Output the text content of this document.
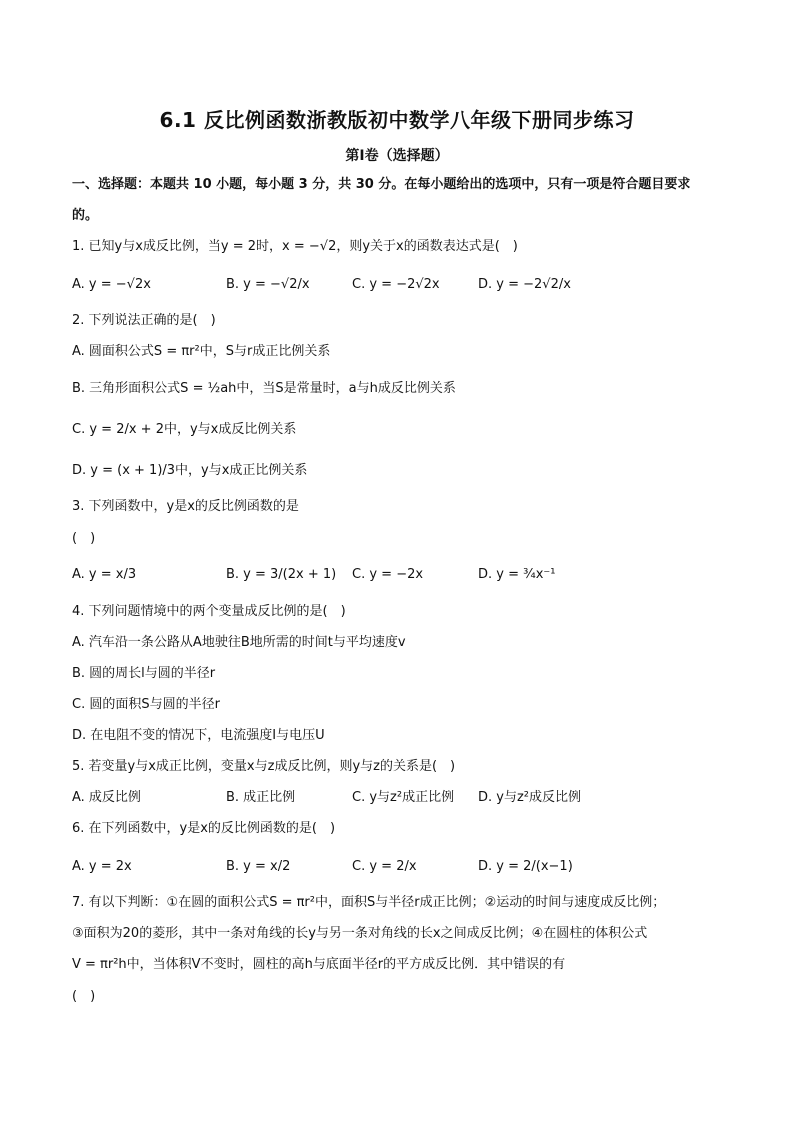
6.1 反比例函数浙教版初中数学八年级下册同步练习
第Ⅰ卷（选择题）
一、选择题：本题共 10 小题，每小题 3 分，共 30 分。在每小题给出的选项中，只有一项是符合题目要求
的。
1. 已知y与x成反比例，当y = 2时，x = −√2，则y关于x的函数表达式是(　)
A. y = −√2x	B. y = −√2/x	C. y = −2√2x	D. y = −2√2/x
2. 下列说法正确的是(　)
A. 圆面积公式S = πr²中，S与r成正比例关系
B. 三角形面积公式S = ½ah中，当S是常量时，a与h成反比例关系
C. y = 2/x + 2中，y与x成反比例关系
D. y = (x + 1)/3中，y与x成正比例关系
3. 下列函数中，y是x的反比例函数的是
(　)
A. y = x/3	B. y = 3/(2x + 1) C. y = −2x	D. y = ¾x⁻¹
4. 下列问题情境中的两个变量成反比例的是(　)
A. 汽车沿一条公路从A地驶往B地所需的时间t与平均速度v
B. 圆的周长l与圆的半径r
C. 圆的面积S与圆的半径r
D. 在电阻不变的情况下，电流强度I与电压U
5. 若变量y与x成正比例，变量x与z成反比例，则y与z的关系是(　)
A. 成反比例	B. 成正比例	C. y与z²成正比例 D. y与z²成反比例
6. 在下列函数中，y是x的反比例函数的是(　)
A. y = 2x	B. y = x/2	C. y = 2/x	D. y = 2/(x−1)
7. 有以下判断：①在圆的面积公式S = πr²中，面积S与半径r成正比例；②运动的时间与速度成反比例；
③面积为20的菱形，其中一条对角线的长y与另一条对角线的长x之间成反比例；④在圆柱的体积公式
V = πr²h中，当体积V不变时，圆柱的高h与底面半径r的平方成反比例．其中错误的有
(　)
